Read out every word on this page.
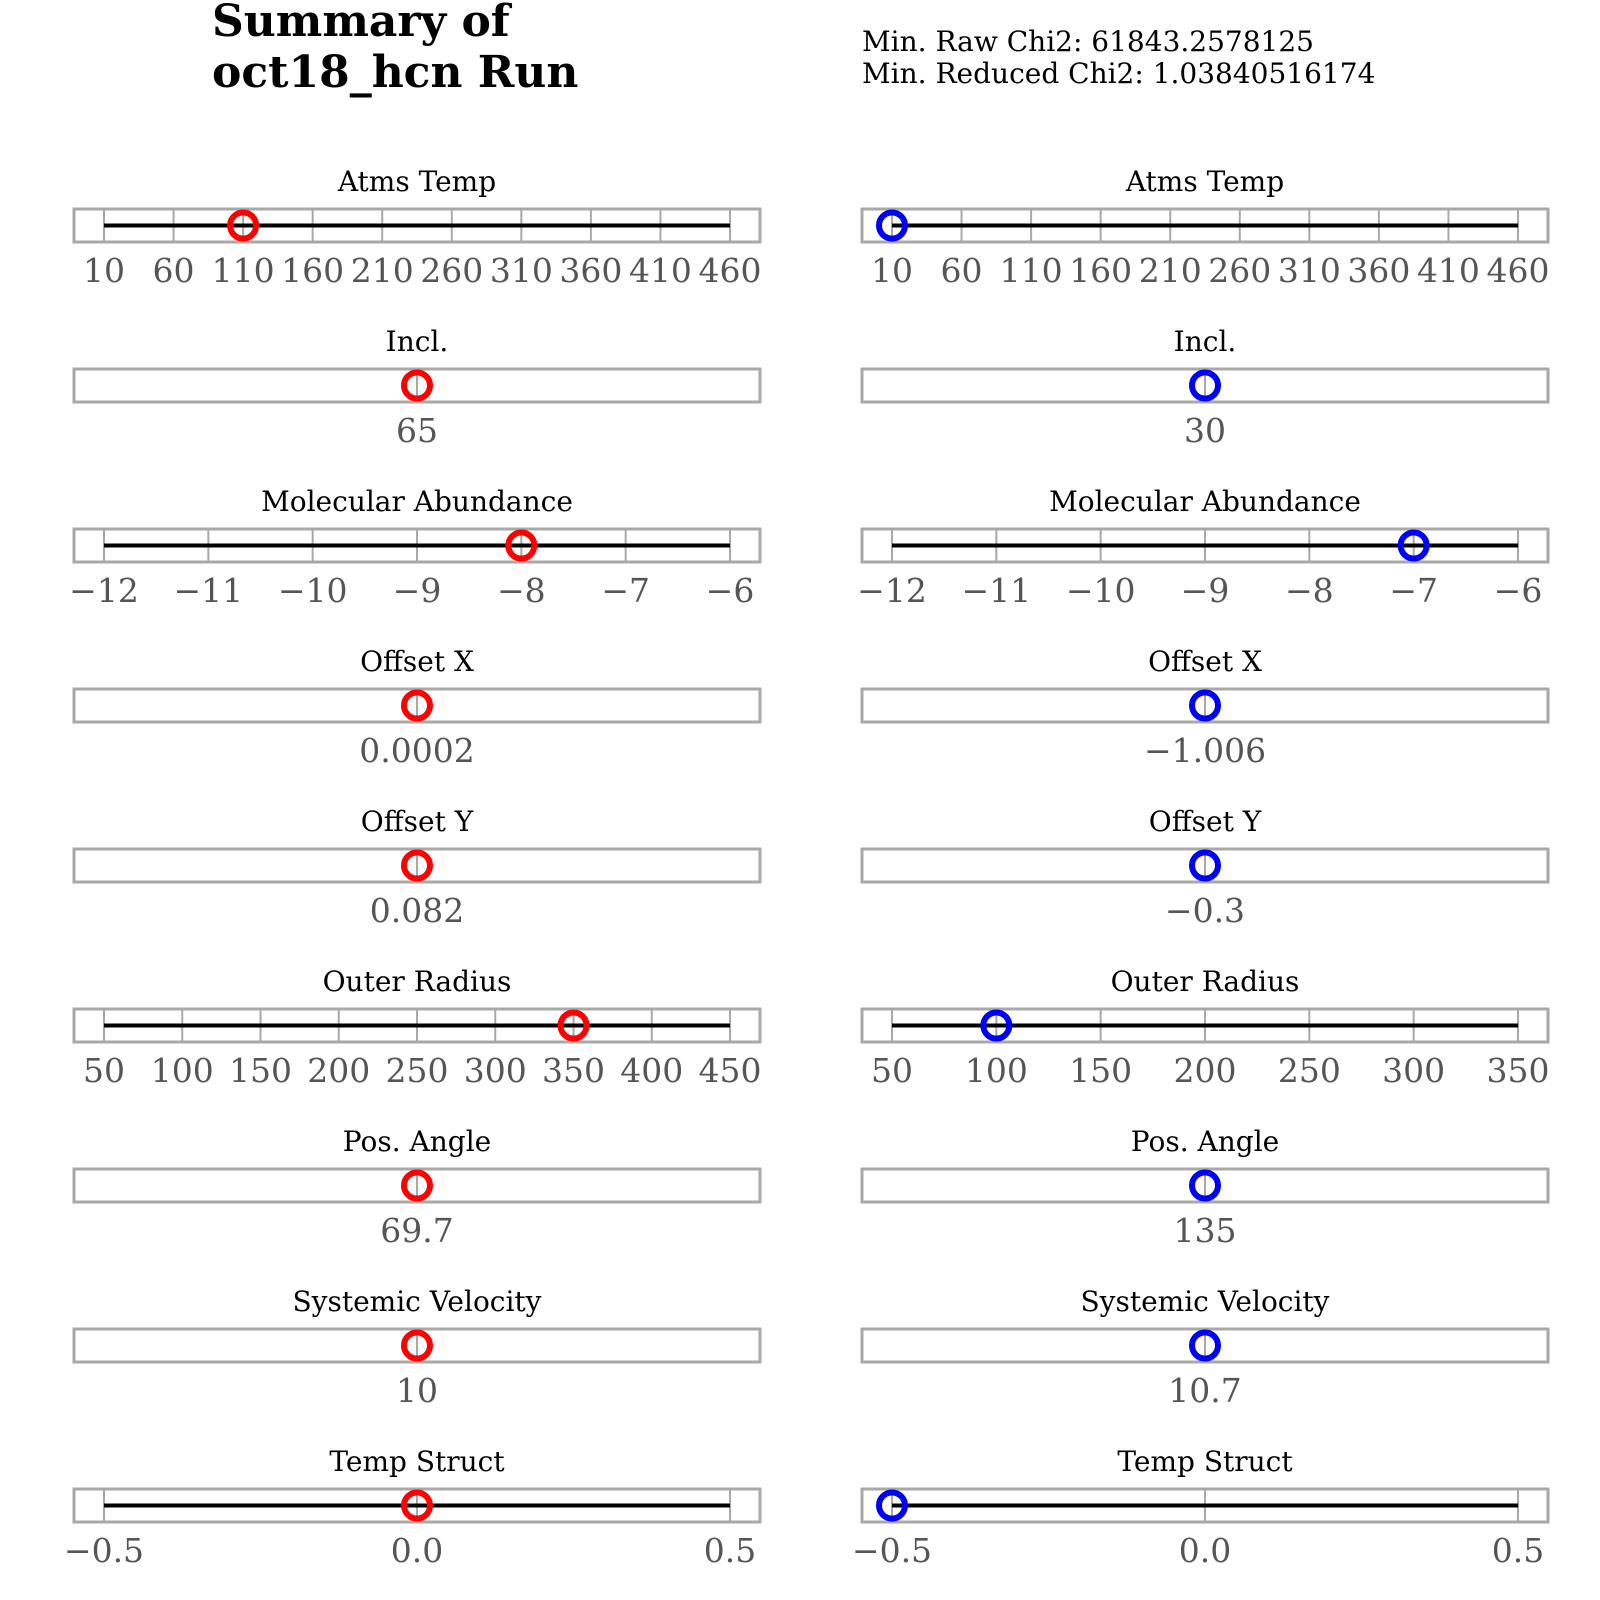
Summary of
oct18_hcn Run
Min. Raw Chi2: 61843.2578125
Min. Reduced Chi2: 1.03840516174
Atms Temp
10 60 110 160 210 260 310 360 410 460
Incl.
65
Molecular Abundance
−12 −11 −10 −9 −8 −7 −6
Offset X
0.0002
Offset Y
0.082
Outer Radius
50 100 150 200 250 300 350 400 450
Pos. Angle
69.7
Systemic Velocity
10
Temp Struct
−0.5	0.0	0.5
Atms Temp
10 60 110 160 210 260 310 360 410 460
Incl.
30
Molecular Abundance
−12 −11 −10 −9 −8 −7 −6
Offset X
−1.006
Offset Y
−0.3
Outer Radius
50 100 150 200 250 300 350
Pos. Angle
135
Systemic Velocity
10.7
Temp Struct
−0.5	0.0	0.5
